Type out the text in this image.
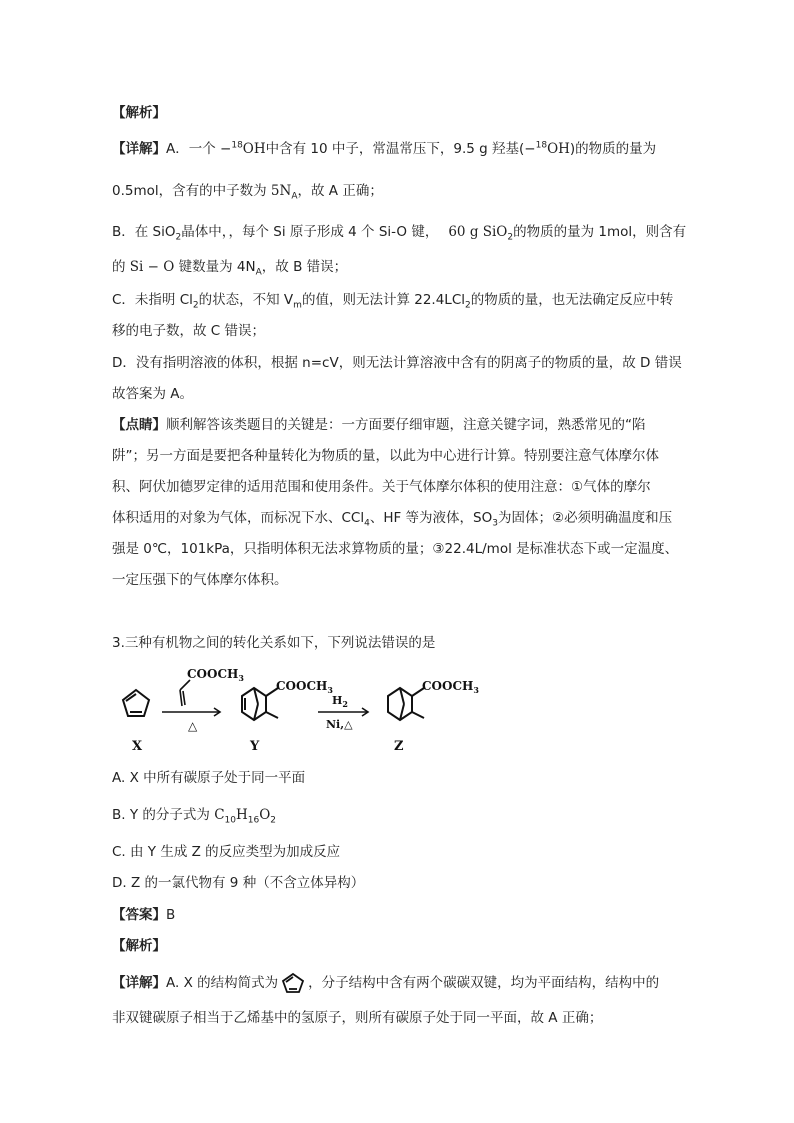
【解析】
【详解】A．一个 −$^{18}$OH中含有 10 中子，常温常压下，9.5 g 羟基(−$^{18}$OH)的物质的量为
0.5mol，含有的中子数为 $5N_A$，故 A 正确；
B．在 SiO$_2$晶体中，，每个 Si 原子形成 4 个 Si-O 键， 60 g SiO$_2$的物质的量为 1mol，则含有
的 Si − O 键数量为 $4N_A$，故 B 错误；
C．未指明 $Cl_2$的状态，不知 $V_m$的值，则无法计算 22.4LCl$_2$的物质的量，也无法确定反应中转
移的电子数，故 C 错误；
D．没有指明溶液的体积，根据 n=cV，则无法计算溶液中含有的阴离子的物质的量，故 D 错误
故答案为 A。
【点睛】顺利解答该类题目的关键是：一方面要仔细审题，注意关键字词，熟悉常见的“陷
阱”；另一方面是要把各种量转化为物质的量，以此为中心进行计算。特别要注意气体摩尔体
积、阿伏加德罗定律的适用范围和使用条件。关于气体摩尔体积的使用注意：①气体的摩尔
体积适用的对象为气体，而标况下水、CCl$_4$、HF 等为液体，$SO_3$为固体；②必须明确温度和压
强是 0℃，101kPa，只指明体积无法求算物质的量；③22.4L/mol 是标准状态下或一定温度、
一定压强下的气体摩尔体积。
3.三种有机物之间的转化关系如下，下列说法错误的是
X
$COOCH_3$
△
$COOCH_3$
Y
$H_2$
Ni,△
$COOCH_3$
Z
A. X 中所有碳原子处于同一平面
B. Y 的分子式为 $C_{10}H_{16}O_2$
C. 由 Y 生成 Z 的反应类型为加成反应
D. Z 的一氯代物有 9 种（不含立体异构）
【答案】B
【解析】
【详解】A. X 的结构简式为 ，分子结构中含有两个碳碳双键，均为平面结构，结构中的
非双键碳原子相当于乙烯基中的氢原子，则所有碳原子处于同一平面，故 A 正确；
